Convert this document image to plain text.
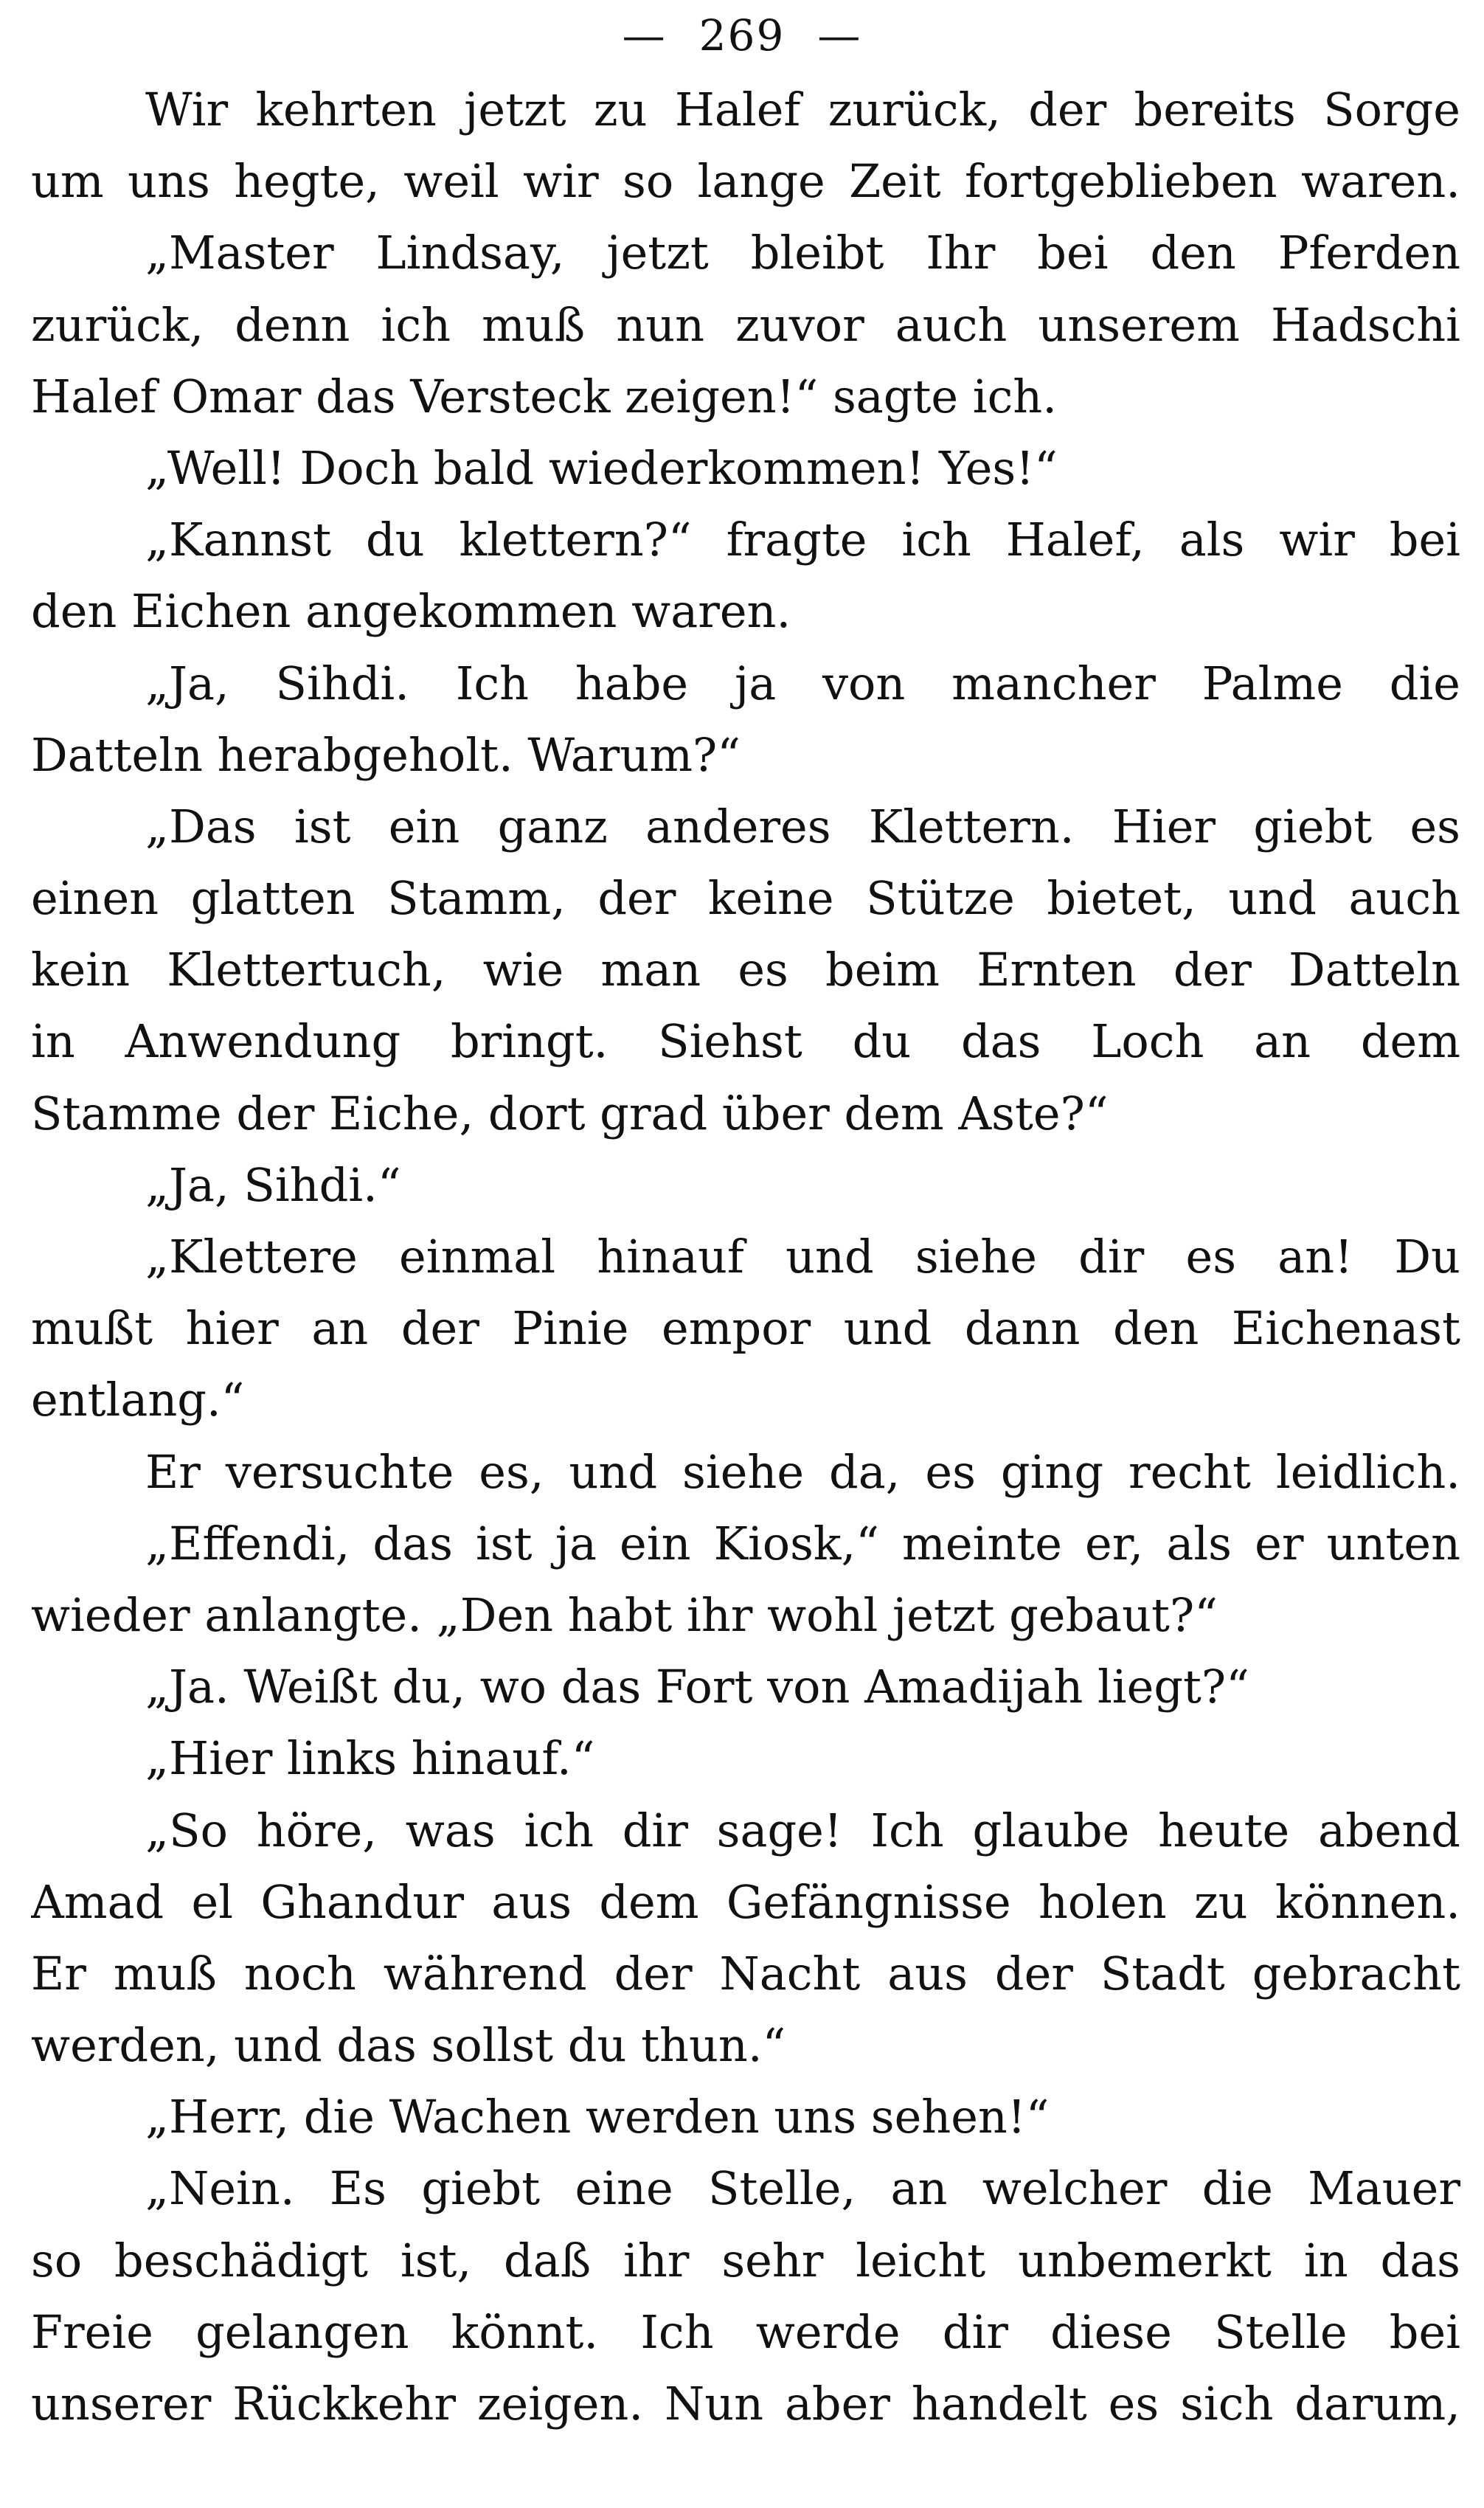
— 269 —
Wir kehrten jetzt zu Halef zurück, der bereits Sorge
um uns hegte, weil wir so lange Zeit fortgeblieben waren.
„Master Lindsay, jetzt bleibt Ihr bei den Pferden
zurück, denn ich muß nun zuvor auch unserem Hadschi
Halef Omar das Versteck zeigen!“ sagte ich.
„Well! Doch bald wiederkommen! Yes!“
„Kannst du klettern?“ fragte ich Halef, als wir bei
den Eichen angekommen waren.
„Ja, Sihdi. Ich habe ja von mancher Palme die
Datteln herabgeholt. Warum?“
„Das ist ein ganz anderes Klettern. Hier giebt es
einen glatten Stamm, der keine Stütze bietet, und auch
kein Klettertuch, wie man es beim Ernten der Datteln
in Anwendung bringt. Siehst du das Loch an dem
Stamme der Eiche, dort grad über dem Aste?“
„Ja, Sihdi.“
„Klettere einmal hinauf und siehe dir es an! Du
mußt hier an der Pinie empor und dann den Eichenast
entlang.“
Er versuchte es, und siehe da, es ging recht leidlich.
„Effendi, das ist ja ein Kiosk,“ meinte er, als er unten
wieder anlangte. „Den habt ihr wohl jetzt gebaut?“
„Ja. Weißt du, wo das Fort von Amadijah liegt?“
„Hier links hinauf.“
„So höre, was ich dir sage! Ich glaube heute abend
Amad el Ghandur aus dem Gefängnisse holen zu können.
Er muß noch während der Nacht aus der Stadt gebracht
werden, und das sollst du thun.“
„Herr, die Wachen werden uns sehen!“
„Nein. Es giebt eine Stelle, an welcher die Mauer
so beschädigt ist, daß ihr sehr leicht unbemerkt in das
Freie gelangen könnt. Ich werde dir diese Stelle bei
unserer Rückkehr zeigen. Nun aber handelt es sich darum,
